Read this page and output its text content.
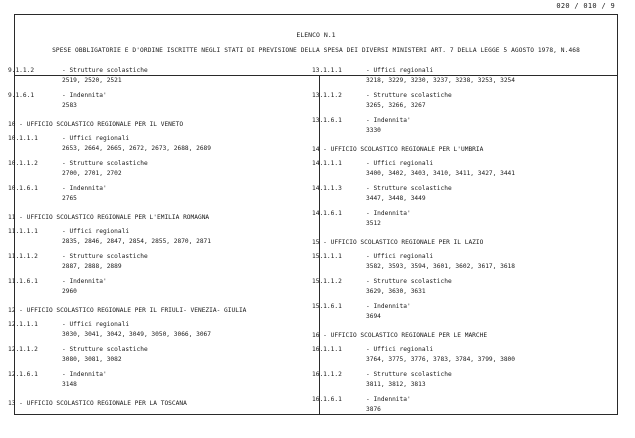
020 / 010 / 9
ELENCO N.1
SPESE OBBLIGATORIE E D'ORDINE ISCRITTE NEGLI STATI DI PREVISIONE DELLA SPESA DEI DIVERSI MINISTERI ART. 7 DELLA LEGGE 5 AGOSTO 1978, N.468
9.1.1.2	- Strutture scolastiche
2519, 2520, 2521
9.1.6.1	- Indennita'
2583
10 - UFFICIO SCOLASTICO REGIONALE PER IL VENETO
10.1.1.1	- Uffici regionali
2653, 2664, 2665, 2672, 2673, 2688, 2689
10.1.1.2	- Strutture scolastiche
2700, 2701, 2702
10.1.6.1	- Indennita'
2765
11 - UFFICIO SCOLASTICO REGIONALE PER L'EMILIA ROMAGNA
11.1.1.1	- Uffici regionali
2835, 2846, 2847, 2854, 2855, 2870, 2871
11.1.1.2	- Strutture scolastiche
2887, 2888, 2889
11.1.6.1	- Indennita'
2960
12 - UFFICIO SCOLASTICO REGIONALE PER IL FRIULI- VENEZIA- GIULIA
12.1.1.1	- Uffici regionali
3030, 3041, 3042, 3049, 3050, 3066, 3067
12.1.1.2	- Strutture scolastiche
3080, 3081, 3082
12.1.6.1	- Indennita'
3148
13 - UFFICIO SCOLASTICO REGIONALE PER LA TOSCANA
13.1.1.1	- Uffici regionali
3218, 3229, 3230, 3237, 3238, 3253, 3254
13.1.1.2	- Strutture scolastiche
3265, 3266, 3267
13.1.6.1	- Indennita'
3330
14 - UFFICIO SCOLASTICO REGIONALE PER L'UMBRIA
14.1.1.1	- Uffici regionali
3400, 3402, 3403, 3410, 3411, 3427, 3441
14.1.1.3	- Strutture scolastiche
3447, 3448, 3449
14.1.6.1	- Indennita'
3512
15 - UFFICIO SCOLASTICO REGIONALE PER IL LAZIO
15.1.1.1	- Uffici regionali
3582, 3593, 3594, 3601, 3602, 3617, 3618
15.1.1.2	- Strutture scolastiche
3629, 3630, 3631
15.1.6.1	- Indennita'
3694
16 - UFFICIO SCOLASTICO REGIONALE PER LE MARCHE
16.1.1.1	- Uffici regionali
3764, 3775, 3776, 3783, 3784, 3799, 3800
16.1.1.2	- Strutture scolastiche
3811, 3812, 3813
16.1.6.1	- Indennita'
3876
